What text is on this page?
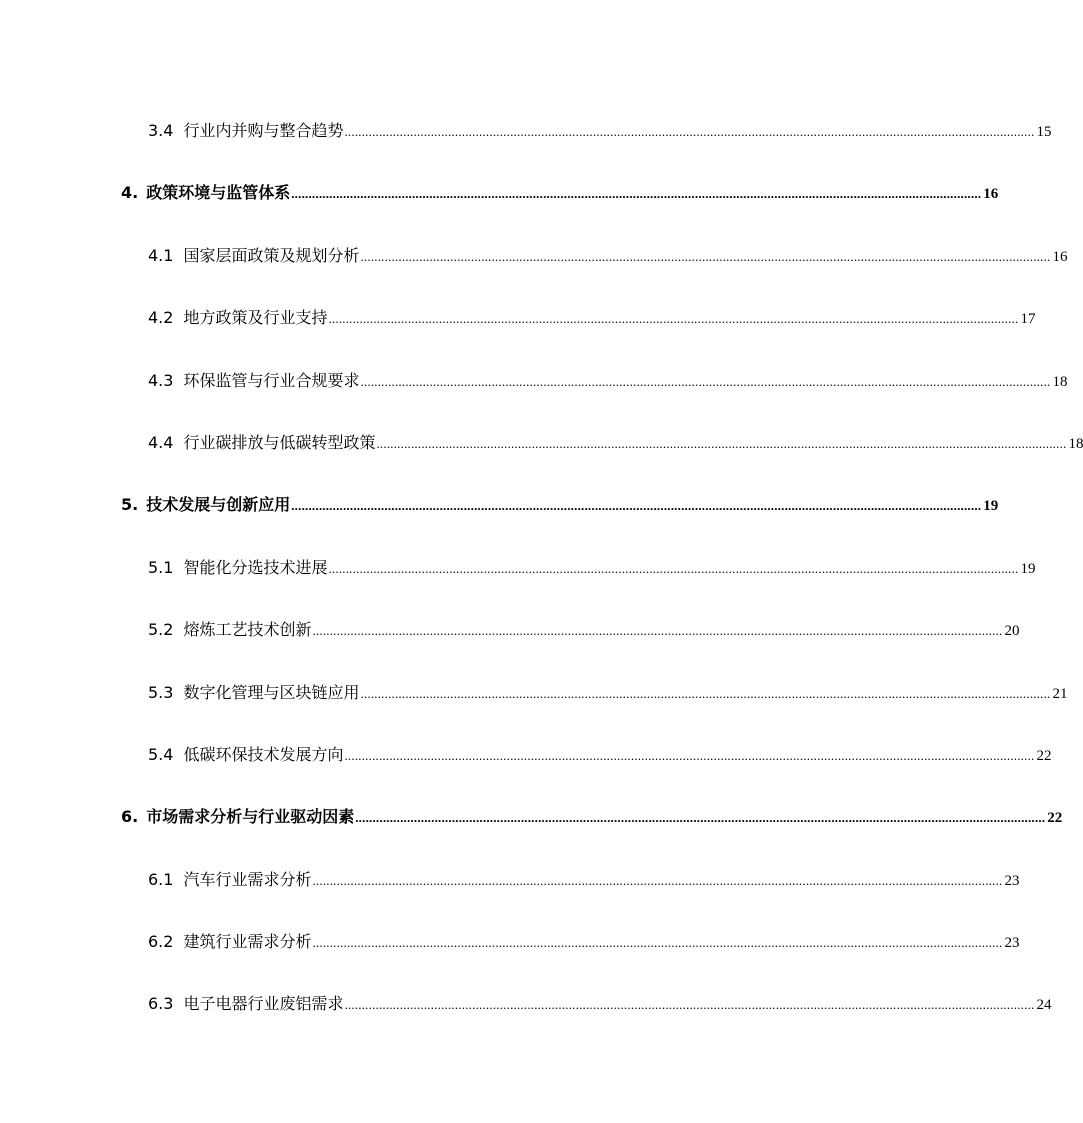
3.4 行业内并购与整合趋势 ........................................................................................................................................................................................................ 15
4. 政策环境与监管体系 ........................................................................................................................................................................................................ 16
4.1 国家层面政策及规划分析 ........................................................................................................................................................................................................ 16
4.2 地方政策及行业支持 ........................................................................................................................................................................................................ 17
4.3 环保监管与行业合规要求 ........................................................................................................................................................................................................ 18
4.4 行业碳排放与低碳转型政策 ........................................................................................................................................................................................................ 18
5. 技术发展与创新应用 ........................................................................................................................................................................................................ 19
5.1 智能化分选技术进展 ........................................................................................................................................................................................................ 19
5.2 熔炼工艺技术创新 ........................................................................................................................................................................................................ 20
5.3 数字化管理与区块链应用 ........................................................................................................................................................................................................ 21
5.4 低碳环保技术发展方向 ........................................................................................................................................................................................................ 22
6. 市场需求分析与行业驱动因素 ........................................................................................................................................................................................................ 22
6.1 汽车行业需求分析 ........................................................................................................................................................................................................ 23
6.2 建筑行业需求分析 ........................................................................................................................................................................................................ 23
6.3 电子电器行业废铝需求 ........................................................................................................................................................................................................ 24
